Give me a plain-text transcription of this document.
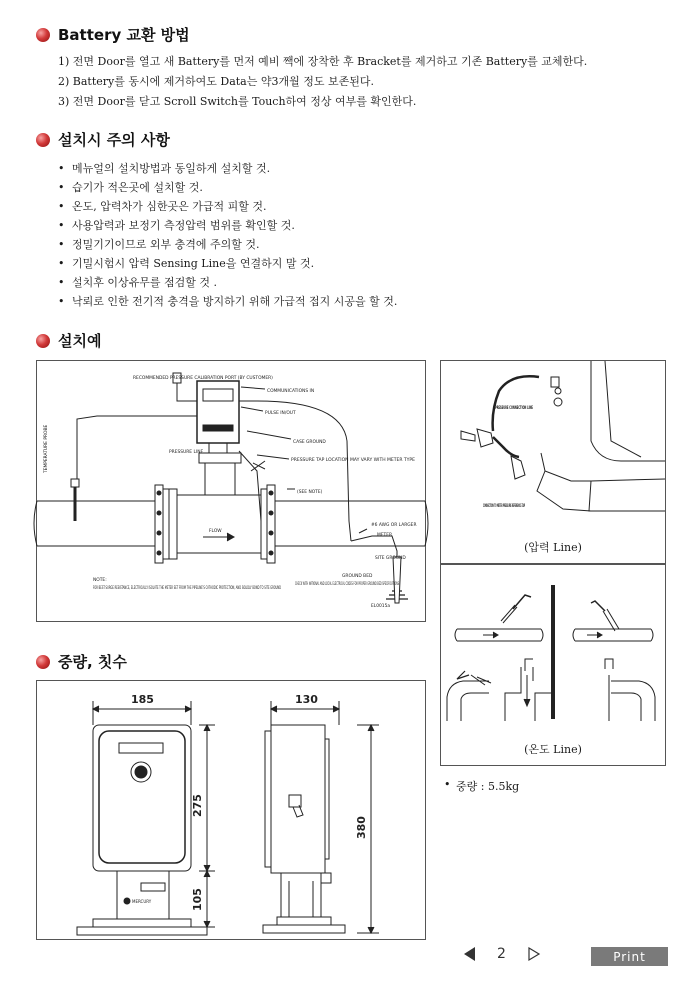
Battery 교환 방법
1) 전면 Door를 열고 새 Battery를 먼저 예비 짹에 장착한 후 Bracket를 제거하고 기존 Battery를 교체한다.
2) Battery를 동시에 제거하여도 Data는 약3개월 정도 보존된다.
3) 전면 Door를 닫고 Scroll Switch를 Touch하여 정상 여부를 확인한다.
설치시 주의 사항
• 메뉴얼의 설치방법과 동일하게 설치할 것.
• 습기가 적은곳에 설치할 것.
• 온도, 압력차가 심한곳은 가급적 피할 것.
• 사용압력과 보정기 측정압력 범위를 확인할 것.
• 정밀기기이므로 외부 충격에 주의할 것.
• 기밀시험시 압력 Sensing Line을 연결하지 말 것.
• 설치후 이상유무를 점검할 것 .
• 낙뢰로 인한 전기적 충격을 방지하기 위해 가급적 접지 시공을 할 것.
설치예
RECOMMENDED PRESSURE CALIBRATION PORT (BY CUSTOMER)
COMMUNICATIONS IN
PULSE IN/OUT
CASE GROUND
PRESSURE LINE
PRESSURE TAP LOCATION MAY VARY WITH METER TYPE
(SEE NOTE)
#6 AWG OR LARGER
METER
FLOW
SITE GROUND
GROUND BED
NOTE:
FOR BEST SURGE RESISTANCE, ELECTRICALLY ISOLATE THE METER SET FROM THE PIPELINE'S CATHODIC PROTECTION, AND SOLIDLY BOND TO SITE GROUND
CHECK WITH NATIONAL AND LOCAL ELECTRICAL CODES FOR PROPER GROUND BED SPECIFICATIONS
EL0015a
TEMPERATURE PROBE
PRESSURE CONNECTION LINE
CONNECTION TO METER PRESSURE REFERENCE TAP
(압력 Line)
(온도 Line)
중량, 칫수
185	130
275
105
380
MERCURY
• 중량 : 5.5kg
2	Print
